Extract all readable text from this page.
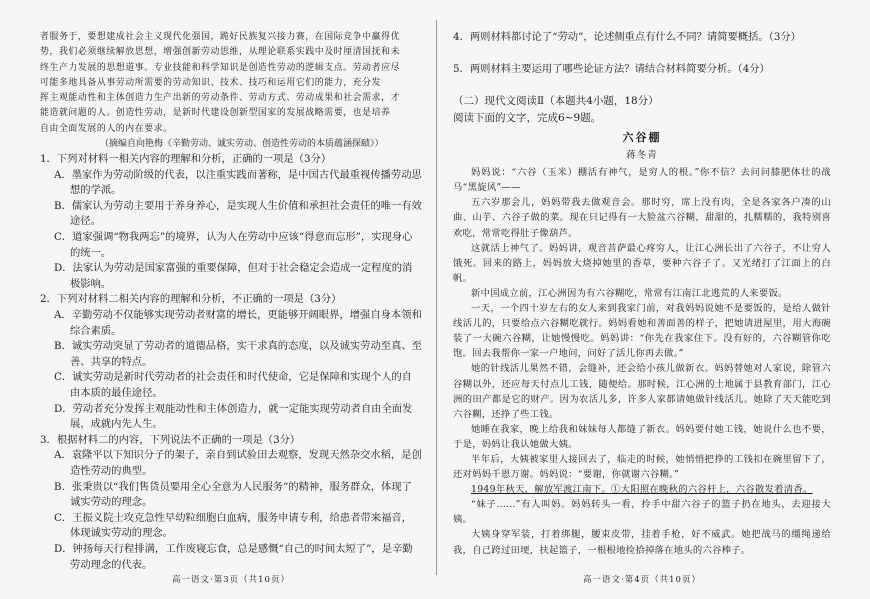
者服务于，要想建成社会主义现代化强国，跪好民族复兴接力赛，在国际竞争中赢得优

势，我们必须继续解放思想，增强创新劳动思维，从理论联系实践中及时厘清国抚和未

终生产力发展的思想道事。专业技能和科学知识是创造性劳动的逻辑支点。劳动者应尽

可能多地具备从事劳动所需要的劳动知识、技术、技巧和运用它们的能力，充分发

挥主观能动性和主体创造力生产出新的劳动条件、劳动方式、劳动成果和社会需求，才

能造就问题的人。创造性劳动，是新时代建设创新型国家的发展战略需要，也是培养

自由全面发展的人的内在要求。

（摘编自向艳梅《辛勤劳动、诚实劳动、创造性劳动的本质蕴涵探赜》）

1．下列对材料一相关内容的理解和分析，正确的一项是（3分）

A．墨家作为劳动阶级的代表，以注重实践而著称，是中国古代最重视传播劳动思想的学派。

B．儒家认为劳动主要用于养身养心，是实现人生价值和承担社会责任的唯一有效途径。

C．道家强调“物我两忘”的境界，认为人在劳动中应该“得意而忘形”，实现身心的统一。

D．法家认为劳动是国家富强的重要保障，但对于社会稳定会造成一定程度的消极影响。

2．下列对材料二相关内容的理解和分析，不正确的一项是（3分）

A．辛勤劳动不仅能够实现劳动者财富的增长，更能够开阔眼界，增强自身本领和综合素质。

B．诚实劳动突显了劳动者的道德品格，实干求真的态度，以及诚实劳动至真、至善、共享的特点。

C．诚实劳动是新时代劳动者的社会责任和时代使命，它是保障和实现个人的自由本质的最佳途径。

D．劳动者充分发挥主观能动性和主体创造力，就一定能实现劳动者自由全面发展，成就内先人生。

3．根据材料二的内容，下列说法不正确的一项是（3分）

A．袁隆平以下知识分子的架子，亲自到试验田去观察，发现天然杂交水稻，是创造性劳动的典型。

B．张秉贵以“我们售货员要用全心全意为人民服务”的精神，服务群众，体现了诚实劳动的理念。

C．王振义院士攻克急性早幼粒细胞白血病，服务申请专利，给患者带来福音，体现诚实劳动的理念。

D．钟扬每天行程排满，工作废寝忘食，总是感慨“自己的时间太短了”，是辛勤劳动理念的代表。

高一语文·第3页（共10页）

4．两则材料都讨论了“劳动”，论述侧重点有什么不同？请简要概括。（3分）

5．两则材料主要运用了哪些论证方法？请结合材料简要分析。（4分）

（二）现代文阅读Ⅱ（本题共4小题，18分）

阅读下面的文字，完成6~9题。

六谷棚

蒋冬青

妈妈说：“六谷（玉米）棚活有神气，是穷人的根。”你不信？去问问膝肥体壮的战马“黑旋风”——

五六岁那会儿，妈妈带我去做观音会。那时穷，席上没有肉，全是各家各户凑的山曲、山芋、六谷子做的菜。现在只记得有一大脸盆六谷糊，甜甜的，扎糯糯的，我特别喜欢吃，常常吃得肚子像葫芦。

这就活上神气了。妈妈讲，观音菩萨最心疼穷人，让江心洲长出了六谷子，不让穷人饿死。回来的路上，妈妈放大烧掉她里的香草，要种六谷子了。又光绪打了江面上的白帆。

新中国成立前，江心洲因为有六谷糊吃，常常有江南江北逃荒的人来要饭。

一天，一个四十岁左右的女人来到我家门前，对我妈妈说她不是要饭的，是给人做针线活儿的，只要给点六谷糊吃就行。妈妈看她和善面善的样子，把她请进屋里，用大海碗装了一大碗六谷糊，让她慢慢吃。妈妈讲：“你先在我家住下。没有好的，六谷糊管你吃饱。回去我帮你一家一户地问，问好了活儿你再去做。”

她的针线活儿果然不错，会缝补，还会给小孩儿做新衣。妈妈替她对人家说，除管六谷糊以外，还应每天付点儿工钱，随便给。那时候，江心洲的土地属于县教育部门，江心洲的田产都是它的财产。因为农活儿多，许多人家都请她做针线活儿。她除了天天能吃到六谷糊，还挣了些工钱。

她睡在我家，晚上给我和妹妹每人都缝了新衣。妈妈要付她工钱，她说什么也不要，于是，妈妈让我认她做大姨。

半年后，大姨被家里人接回去了，临走的时候，她悄悄把挣的工钱扣在碗里留下了，还对妈妈千恩万谢。妈妈说：“要谢，你就谢六谷糊。”

1949年秋天，解放军渡江南下。①大阳照在晚秋的六谷杆上，六谷散发着清香。

“妹子……”有人叫妈。妈妈转头一看，拎手中甜六谷子的篮子扔在地头，去迎接大姨。

大姨身穿军装，打着绑腿，腰束皮带，挂着手枪，好不威武。她把战马的缰绳递给我，自己跨过田埂，扶起篮子，一根根地捡拾掉落在地头的六谷棒子。

高一语文·第4页（共10页）
